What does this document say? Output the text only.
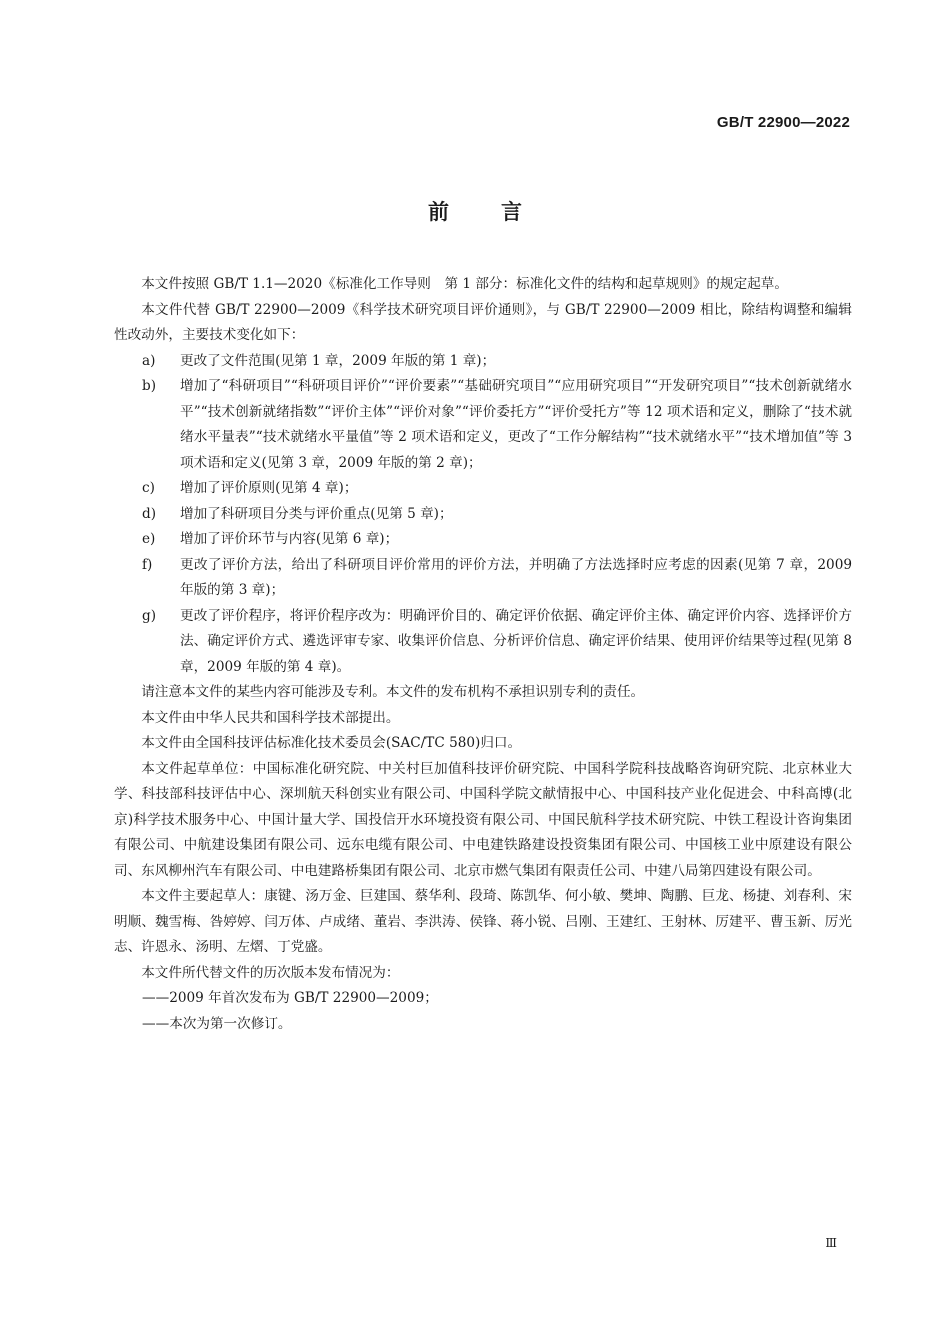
GB/T 22900—2022
前 言

本文件按照 GB/T 1.1—2020《标准化工作导则　第 1 部分：标准化文件的结构和起草规则》的规定起草。

本文件代替 GB/T 22900—2009《科学技术研究项目评价通则》，与 GB/T 22900—2009 相比，除结构调整和编辑性改动外，主要技术变化如下：

a)	更改了文件范围(见第 1 章，2009 年版的第 1 章)；
b)	增加了“科研项目”“科研项目评价”“评价要素”“基础研究项目”“应用研究项目”“开发研究项目”“技术创新就绪水平”“技术创新就绪指数”“评价主体”“评价对象”“评价委托方”“评价受托方”等 12 项术语和定义，删除了“技术就绪水平量表”“技术就绪水平量值”等 2 项术语和定义，更改了“工作分解结构”“技术就绪水平”“技术增加值”等 3 项术语和定义(见第 3 章，2009 年版的第 2 章)；
c)	增加了评价原则(见第 4 章)；
d)	增加了科研项目分类与评价重点(见第 5 章)；
e)	增加了评价环节与内容(见第 6 章)；
f)	更改了评价方法，给出了科研项目评价常用的评价方法，并明确了方法选择时应考虑的因素(见第 7 章，2009 年版的第 3 章)；
g)	更改了评价程序，将评价程序改为：明确评价目的、确定评价依据、确定评价主体、确定评价内容、选择评价方法、确定评价方式、遴选评审专家、收集评价信息、分析评价信息、确定评价结果、使用评价结果等过程(见第 8 章，2009 年版的第 4 章)。

请注意本文件的某些内容可能涉及专利。本文件的发布机构不承担识别专利的责任。

本文件由中华人民共和国科学技术部提出。

本文件由全国科技评估标准化技术委员会(SAC/TC 580)归口。

本文件起草单位：中国标准化研究院、中关村巨加值科技评价研究院、中国科学院科技战略咨询研究院、北京林业大学、科技部科技评估中心、深圳航天科创实业有限公司、中国科学院文献情报中心、中国科技产业化促进会、中科高博(北京)科学技术服务中心、中国计量大学、国投信开水环境投资有限公司、中国民航科学技术研究院、中铁工程设计咨询集团有限公司、中航建设集团有限公司、远东电缆有限公司、中电建铁路建设投资集团有限公司、中国核工业中原建设有限公司、东风柳州汽车有限公司、中电建路桥集团有限公司、北京市燃气集团有限责任公司、中建八局第四建设有限公司。

本文件主要起草人：康键、汤万金、巨建国、蔡华利、段琦、陈凯华、何小敏、樊坤、陶鹏、巨龙、杨捷、刘春利、宋明顺、魏雪梅、咎婷婷、闫万体、卢成绪、董岩、李洪涛、侯锋、蒋小锐、吕刚、王建红、王射林、厉建平、曹玉新、厉光志、许恩永、汤明、左熠、丁党盛。

本文件所代替文件的历次版本发布情况为：

——2009 年首次发布为 GB/T 22900—2009；
——本次为第一次修订。
Ⅲ
